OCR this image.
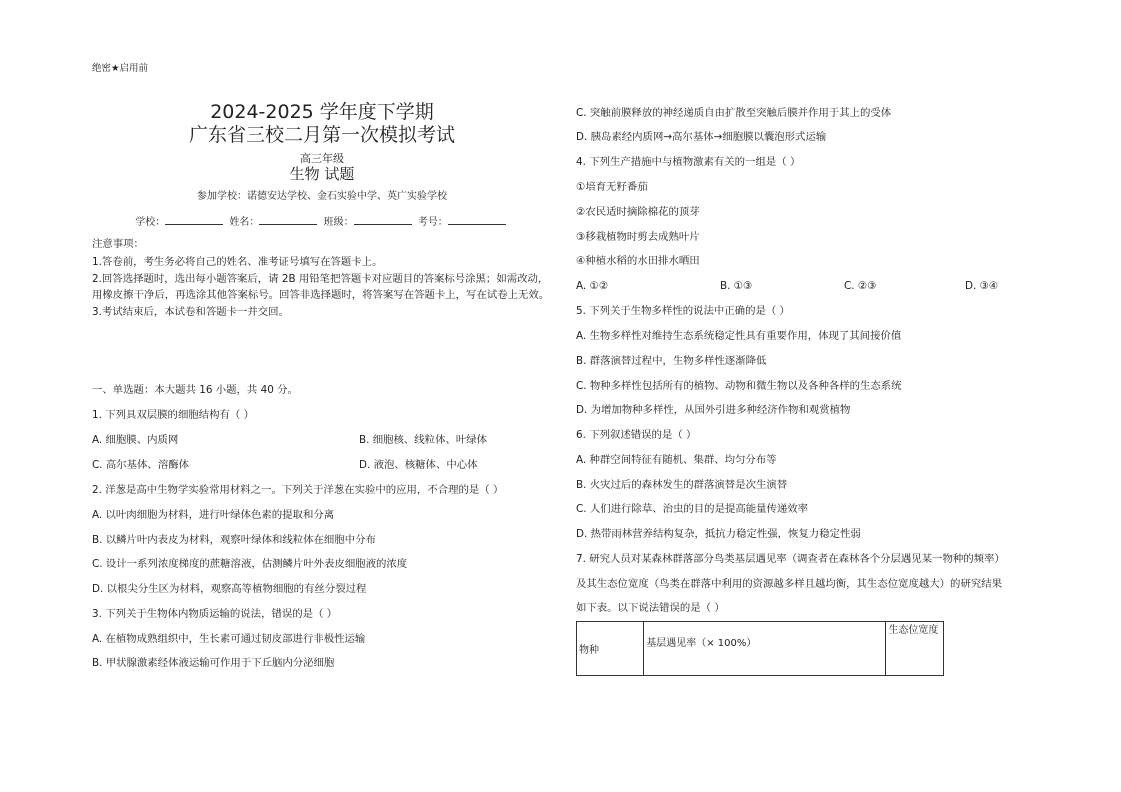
绝密★启用前
2024-2025 学年度下学期
广东省三校二月第一次模拟考试
高三年级
生物 试题
参加学校：诺德安达学校、金石实验中学、英广实验学校
学校：	姓名：	班级：	考号：
注意事项：

1.答卷前，考生务必将自己的姓名、准考证号填写在答题卡上。

2.回答选择题时，选出每小题答案后，请 2B 用铅笔把答题卡对应题目的答案标号涂黑；如需改动，用橡皮擦干净后，再选涂其他答案标号。回答非选择题时，将答案写在答题卡上，写在试卷上无效。

3.考试结束后，本试卷和答题卡一并交回。

一、单选题：本大题共 16 小题，共 40 分。
1. 下列具双层膜的细胞结构有（ ）
A. 细胞膜、内质网	B. 细胞核、线粒体、叶绿体
C. 高尔基体、溶酶体	D. 液泡、核糖体、中心体
2. 洋葱是高中生物学实验常用材料之一。下列关于洋葱在实验中的应用，不合理的是（ ）
A. 以叶肉细胞为材料，进行叶绿体色素的提取和分离
B. 以鳞片叶内表皮为材料，观察叶绿体和线粒体在细胞中分布
C. 设计一系列浓度梯度的蔗糖溶液，估测鳞片叶外表皮细胞液的浓度
D. 以根尖分生区为材料，观察高等植物细胞的有丝分裂过程
3. 下列关于生物体内物质运输的说法，错误的是（ ）
A. 在植物成熟组织中，生长素可通过韧皮部进行非极性运输
B. 甲状腺激素经体液运输可作用于下丘脑内分泌细胞
C. 突触前膜释放的神经递质自由扩散至突触后膜并作用于其上的受体
D. 胰岛素经内质网→高尔基体→细胞膜以囊泡形式运输
4. 下列生产措施中与植物激素有关的一组是（ ）
①培育无籽番茄
②农民适时摘除棉花的顶芽
③移栽植物时剪去成熟叶片
④种植水稻的水田排水晒田
A. ①②	B. ①③	C. ②③	D. ③④
5. 下列关于生物多样性的说法中正确的是（ ）
A. 生物多样性对维持生态系统稳定性具有重要作用，体现了其间接价值
B. 群落演替过程中，生物多样性逐渐降低
C. 物种多样性包括所有的植物、动物和微生物以及各种各样的生态系统
D. 为增加物种多样性，从国外引进多种经济作物和观赏植物
6. 下列叙述错误的是（ ）
A. 种群空间特征有随机、集群、均匀分布等
B. 火灾过后的森林发生的群落演替是次生演替
C. 人们进行除草、治虫的目的是提高能量传递效率
D. 热带雨林营养结构复杂，抵抗力稳定性强，恢复力稳定性弱
7. 研究人员对某森林群落部分鸟类基层遇见率（调查者在森林各个分层遇见某一物种的频率）
及其生态位宽度（鸟类在群落中利用的资源越多样且越均衡，其生态位宽度越大）的研究结果
如下表。以下说法错误的是（ ）
物种	基层遇见率（× 100%）	生态位宽度
